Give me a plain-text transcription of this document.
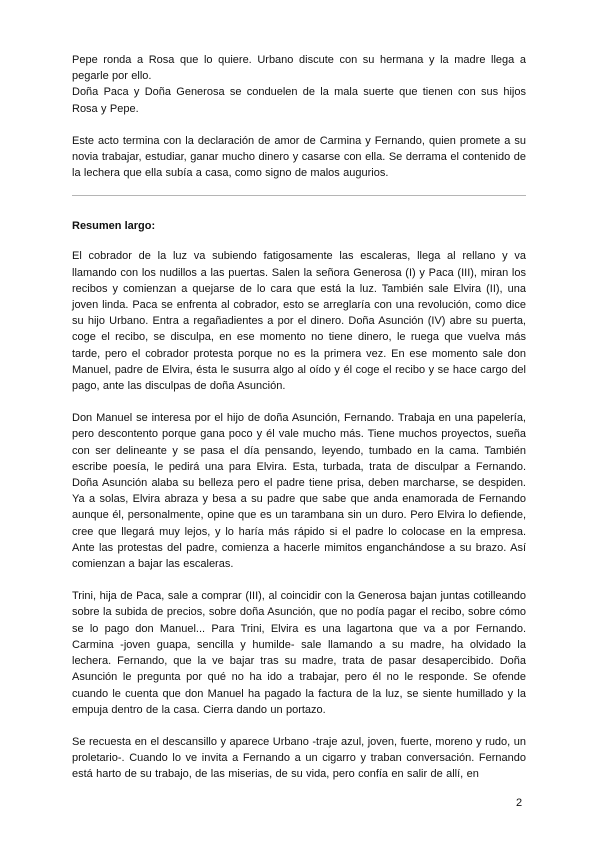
Pepe ronda a Rosa que lo quiere. Urbano discute con su hermana y la madre llega a pegarle por ello.

Doña Paca y Doña Generosa se conduelen de la mala suerte que tienen con sus hijos Rosa y Pepe.

Este acto termina con la declaración de amor de Carmina y Fernando, quien promete a su novia trabajar, estudiar, ganar mucho dinero y casarse con ella. Se derrama el contenido de la lechera que ella subía a casa, como signo de malos augurios.

Resumen largo:

El cobrador de la luz va subiendo fatigosamente las escaleras, llega al rellano y va llamando con los nudillos a las puertas. Salen la señora Generosa (I) y Paca (III), miran los recibos y comienzan a quejarse de lo cara que está la luz. También sale Elvira (II), una joven linda. Paca se enfrenta al cobrador, esto se arreglaría con una revolución, como dice su hijo Urbano. Entra a regañadientes a por el dinero. Doña Asunción (IV) abre su puerta, coge el recibo, se disculpa, en ese momento no tiene dinero, le ruega que vuelva más tarde, pero el cobrador protesta porque no es la primera vez. En ese momento sale don Manuel, padre de Elvira, ésta le susurra algo al oído y él coge el recibo y se hace cargo del pago, ante las disculpas de doña Asunción.

Don Manuel se interesa por el hijo de doña Asunción, Fernando. Trabaja en una papelería, pero descontento porque gana poco y él vale mucho más. Tiene muchos proyectos, sueña con ser delineante y se pasa el día pensando, leyendo, tumbado en la cama. También escribe poesía, le pedirá una para Elvira. Esta, turbada, trata de disculpar a Fernando. Doña Asunción alaba su belleza pero el padre tiene prisa, deben marcharse, se despiden. Ya a solas, Elvira abraza y besa a su padre que sabe que anda enamorada de Fernando aunque él, personalmente, opine que es un tarambana sin un duro. Pero Elvira lo defiende, cree que llegará muy lejos, y lo haría más rápido si el padre lo colocase en la empresa. Ante las protestas del padre, comienza a hacerle mimitos enganchándose a su brazo. Así comienzan a bajar las escaleras.

Trini, hija de Paca, sale a comprar (III), al coincidir con la Generosa bajan juntas cotilleando sobre la subida de precios, sobre doña Asunción, que no podía pagar el recibo, sobre cómo se lo pago don Manuel... Para Trini, Elvira es una lagartona que va a por Fernando. Carmina -joven guapa, sencilla y humilde- sale llamando a su madre, ha olvidado la lechera. Fernando, que la ve bajar tras su madre, trata de pasar desapercibido. Doña Asunción le pregunta por qué no ha ido a trabajar, pero él no le responde. Se ofende cuando le cuenta que don Manuel ha pagado la factura de la luz, se siente humillado y la empuja dentro de la casa. Cierra dando un portazo.

Se recuesta en el descansillo y aparece Urbano -traje azul, joven, fuerte, moreno y rudo, un proletario-. Cuando lo ve invita a Fernando a un cigarro y traban conversación. Fernando está harto de su trabajo, de las miserias, de su vida, pero confía en salir de allí, en

2
